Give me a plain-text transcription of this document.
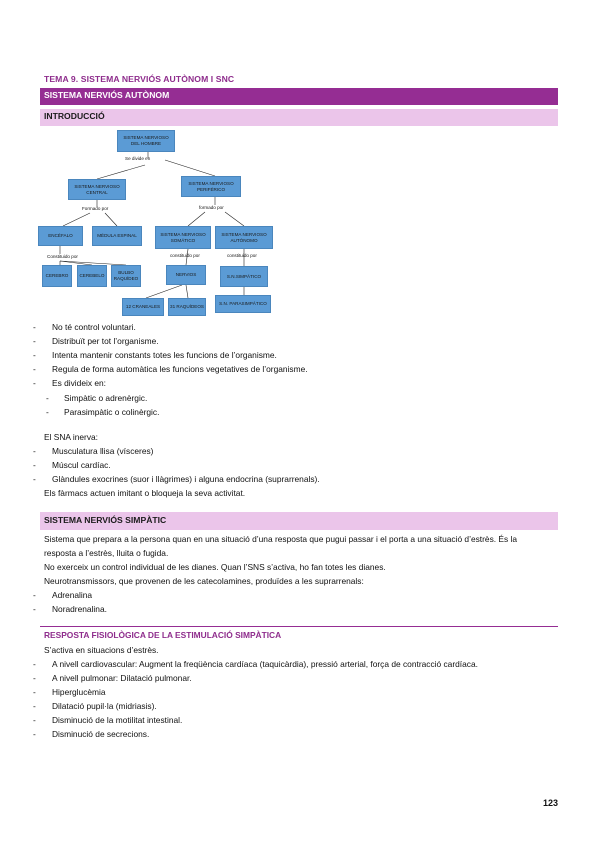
TEMA 9. SISTEMA NERVIÓS AUTÒNOM I SNC
SISTEMA NERVIÓS AUTÒNOM
INTRODUCCIÓ
SISTEMA NERVIOSO DEL HOMBRE
Se divide en
SISTEMA NERVIOSO CENTRAL
Formado por
SISTEMA NERVIOSO PERIFÉRICO
formado por
ENCÉFALO	MÉDULA ESPINAL
Constituido por
CEREBRO	CEREBELO
BULBO RAQUÍDEO
SISTEMA NERVIOSO SOMÁTICO
constituido por
SISTEMA NERVIOSO AUTÓNOMO
constituido por
NERVIOS
12 CRANEALES	31 RAQUÍDEOS
S.N.SIMPÁTICO
S.N. PARASIMPÁTICO
- No té control voluntari.
- Distribuït per tot l’organisme.
- Intenta mantenir constants totes les funcions de l’organisme.
- Regula de forma automàtica les funcions vegetatives de l’organisme.
- Es divideix en:
- Simpàtic o adrenèrgic.
- Parasimpàtic o colinèrgic.
El SNA inerva:
- Musculatura llisa (vísceres)
- Múscul cardíac.
- Glàndules exocrines (suor i llàgrimes) i alguna endocrina (suprarrenals).
Els fàrmacs actuen imitant o bloqueja la seva activitat.
SISTEMA NERVIÓS SIMPÀTIC
Sistema que prepara a la persona quan en una situació d’una resposta que pugui passar i el porta a una situació d’estrès. És la
resposta a l’estrès, lluita o fugida.
No exerceix un control individual de les dianes. Quan l’SNS s’activa, ho fan totes les dianes.
Neurotransmissors, que provenen de les catecolamines, produïdes a les suprarrenals:
- Adrenalina
- Noradrenalina.
RESPOSTA FISIOLÒGICA DE LA ESTIMULACIÓ SIMPÀTICA
S’activa en situacions d’estrès.
- A nivell cardiovascular: Augment la freqüència cardíaca (taquicàrdia), pressió arterial, força de contracció cardíaca.
- A nivell pulmonar: Dilatació pulmonar.
- Hiperglucèmia
- Dilatació pupil·la (midriasis).
- Disminució de la motilitat intestinal.
- Disminució de secrecions.
123
